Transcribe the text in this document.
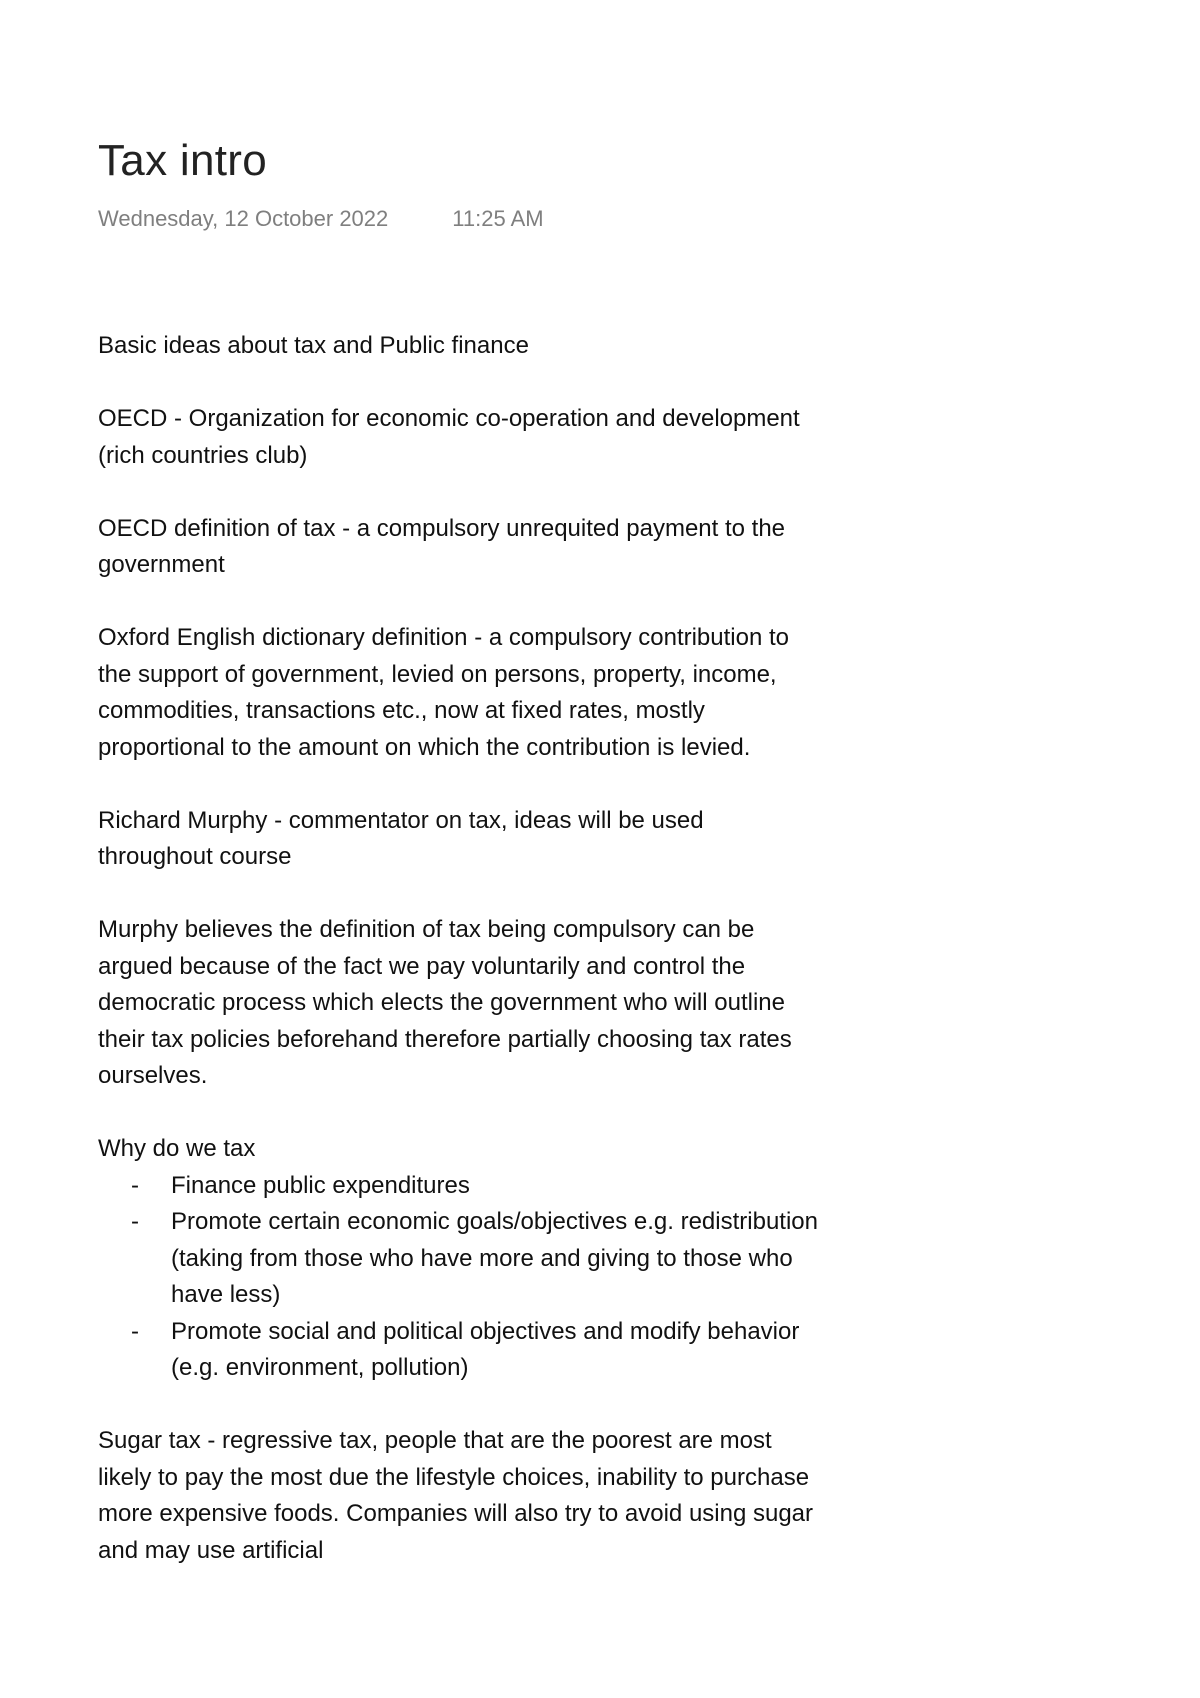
Tax intro
Wednesday, 12 October 2022	11:25 AM

Basic ideas about tax and Public finance

OECD - Organization for economic co-operation and development (rich countries club)

OECD definition of tax - a compulsory unrequited payment to the government

Oxford English dictionary definition - a compulsory contribution to the support of government, levied on persons, property, income, commodities, transactions etc., now at fixed rates, mostly proportional to the amount on which the contribution is levied.

Richard Murphy - commentator on tax, ideas will be used throughout course

Murphy believes the definition of tax being compulsory can be argued because of the fact we pay voluntarily and control the democratic process which elects the government who will outline their tax policies beforehand therefore partially choosing tax rates ourselves.

Why do we tax

- Finance public expenditures
- Promote certain economic goals/objectives e.g. redistribution (taking from those who have more and giving to those who have less)
- Promote social and political objectives and modify behavior (e.g. environment, pollution)

Sugar tax - regressive tax, people that are the poorest are most likely to pay the most due the lifestyle choices, inability to purchase more expensive foods. Companies will also try to avoid using sugar and may use artificial
